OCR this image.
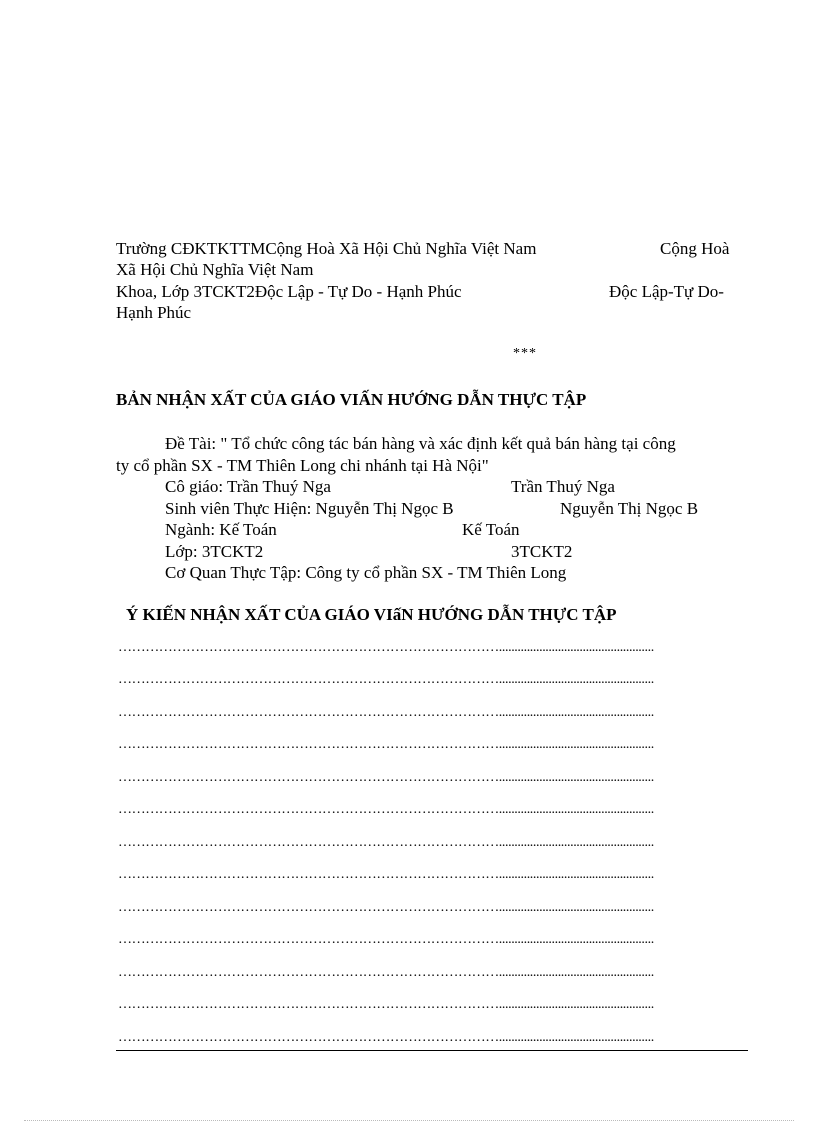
Trường CĐKTKTTMCộng Hoà Xã Hội Chủ Nghĩa Việt Nam	Cộng Hoà
Xã Hội Chủ Nghĩa Việt Nam
Khoa, Lớp 3TCKT2Độc Lập - Tự Do - Hạnh Phúc	Độc Lập-Tự Do-
Hạnh Phúc
***
BẢN NHẬN XẤT CỦA GIÁO VIẤN HƯỚNG DẪN THỰC TẬP
Đề Tài: " Tổ chức công tác bán hàng và xác định kết quả bán hàng tại công
ty cổ phần SX - TM Thiên Long chi nhánh tại Hà Nội"
Cô giáo: Trần Thuý Nga	Trần Thuý Nga
Sinh viên Thực Hiện: Nguyễn Thị Ngọc B	Nguyễn Thị Ngọc B
Ngành: Kế Toán	Kế Toán
Lớp: 3TCKT2	3TCKT2
Cơ Quan Thực Tập: Công ty cổ phần SX - TM Thiên Long
Ý KIẾN NHẬN XẤT CỦA GIÁO VIấN HƯỚNG DẪN THỰC TẬP
…………………………………………………………………………..................................................
…………………………………………………………………………..................................................
…………………………………………………………………………..................................................
…………………………………………………………………………..................................................
…………………………………………………………………………..................................................
…………………………………………………………………………..................................................
…………………………………………………………………………..................................................
…………………………………………………………………………..................................................
…………………………………………………………………………..................................................
…………………………………………………………………………..................................................
…………………………………………………………………………..................................................
…………………………………………………………………………..................................................
…………………………………………………………………………..................................................
